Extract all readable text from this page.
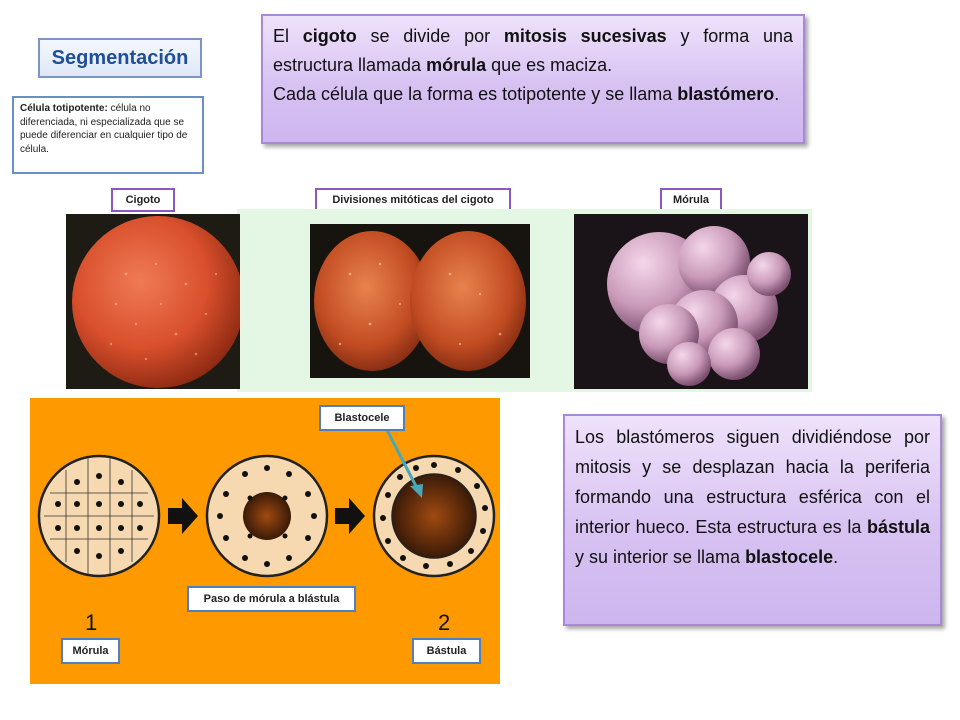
Segmentación
Célula totipotente: célula no diferenciada, ni especializada que se puede diferenciar en cualquier tipo de célula.
El cigoto se divide por mitosis sucesivas y forma una estructura llamada mórula que es maciza.
Cada célula que la forma es totipotente y se llama blastómero.
Cigoto	Divisiones mitóticas del cigoto	Mórula
Blastocele
Paso de mórula a blástula
1	2
Mórula	Bástula
Los blastómeros siguen dividiéndose por mitosis y se desplazan hacia la periferia formando una estructura esférica con el interior hueco. Esta estructura es la bástula y su interior se llama blastocele.
